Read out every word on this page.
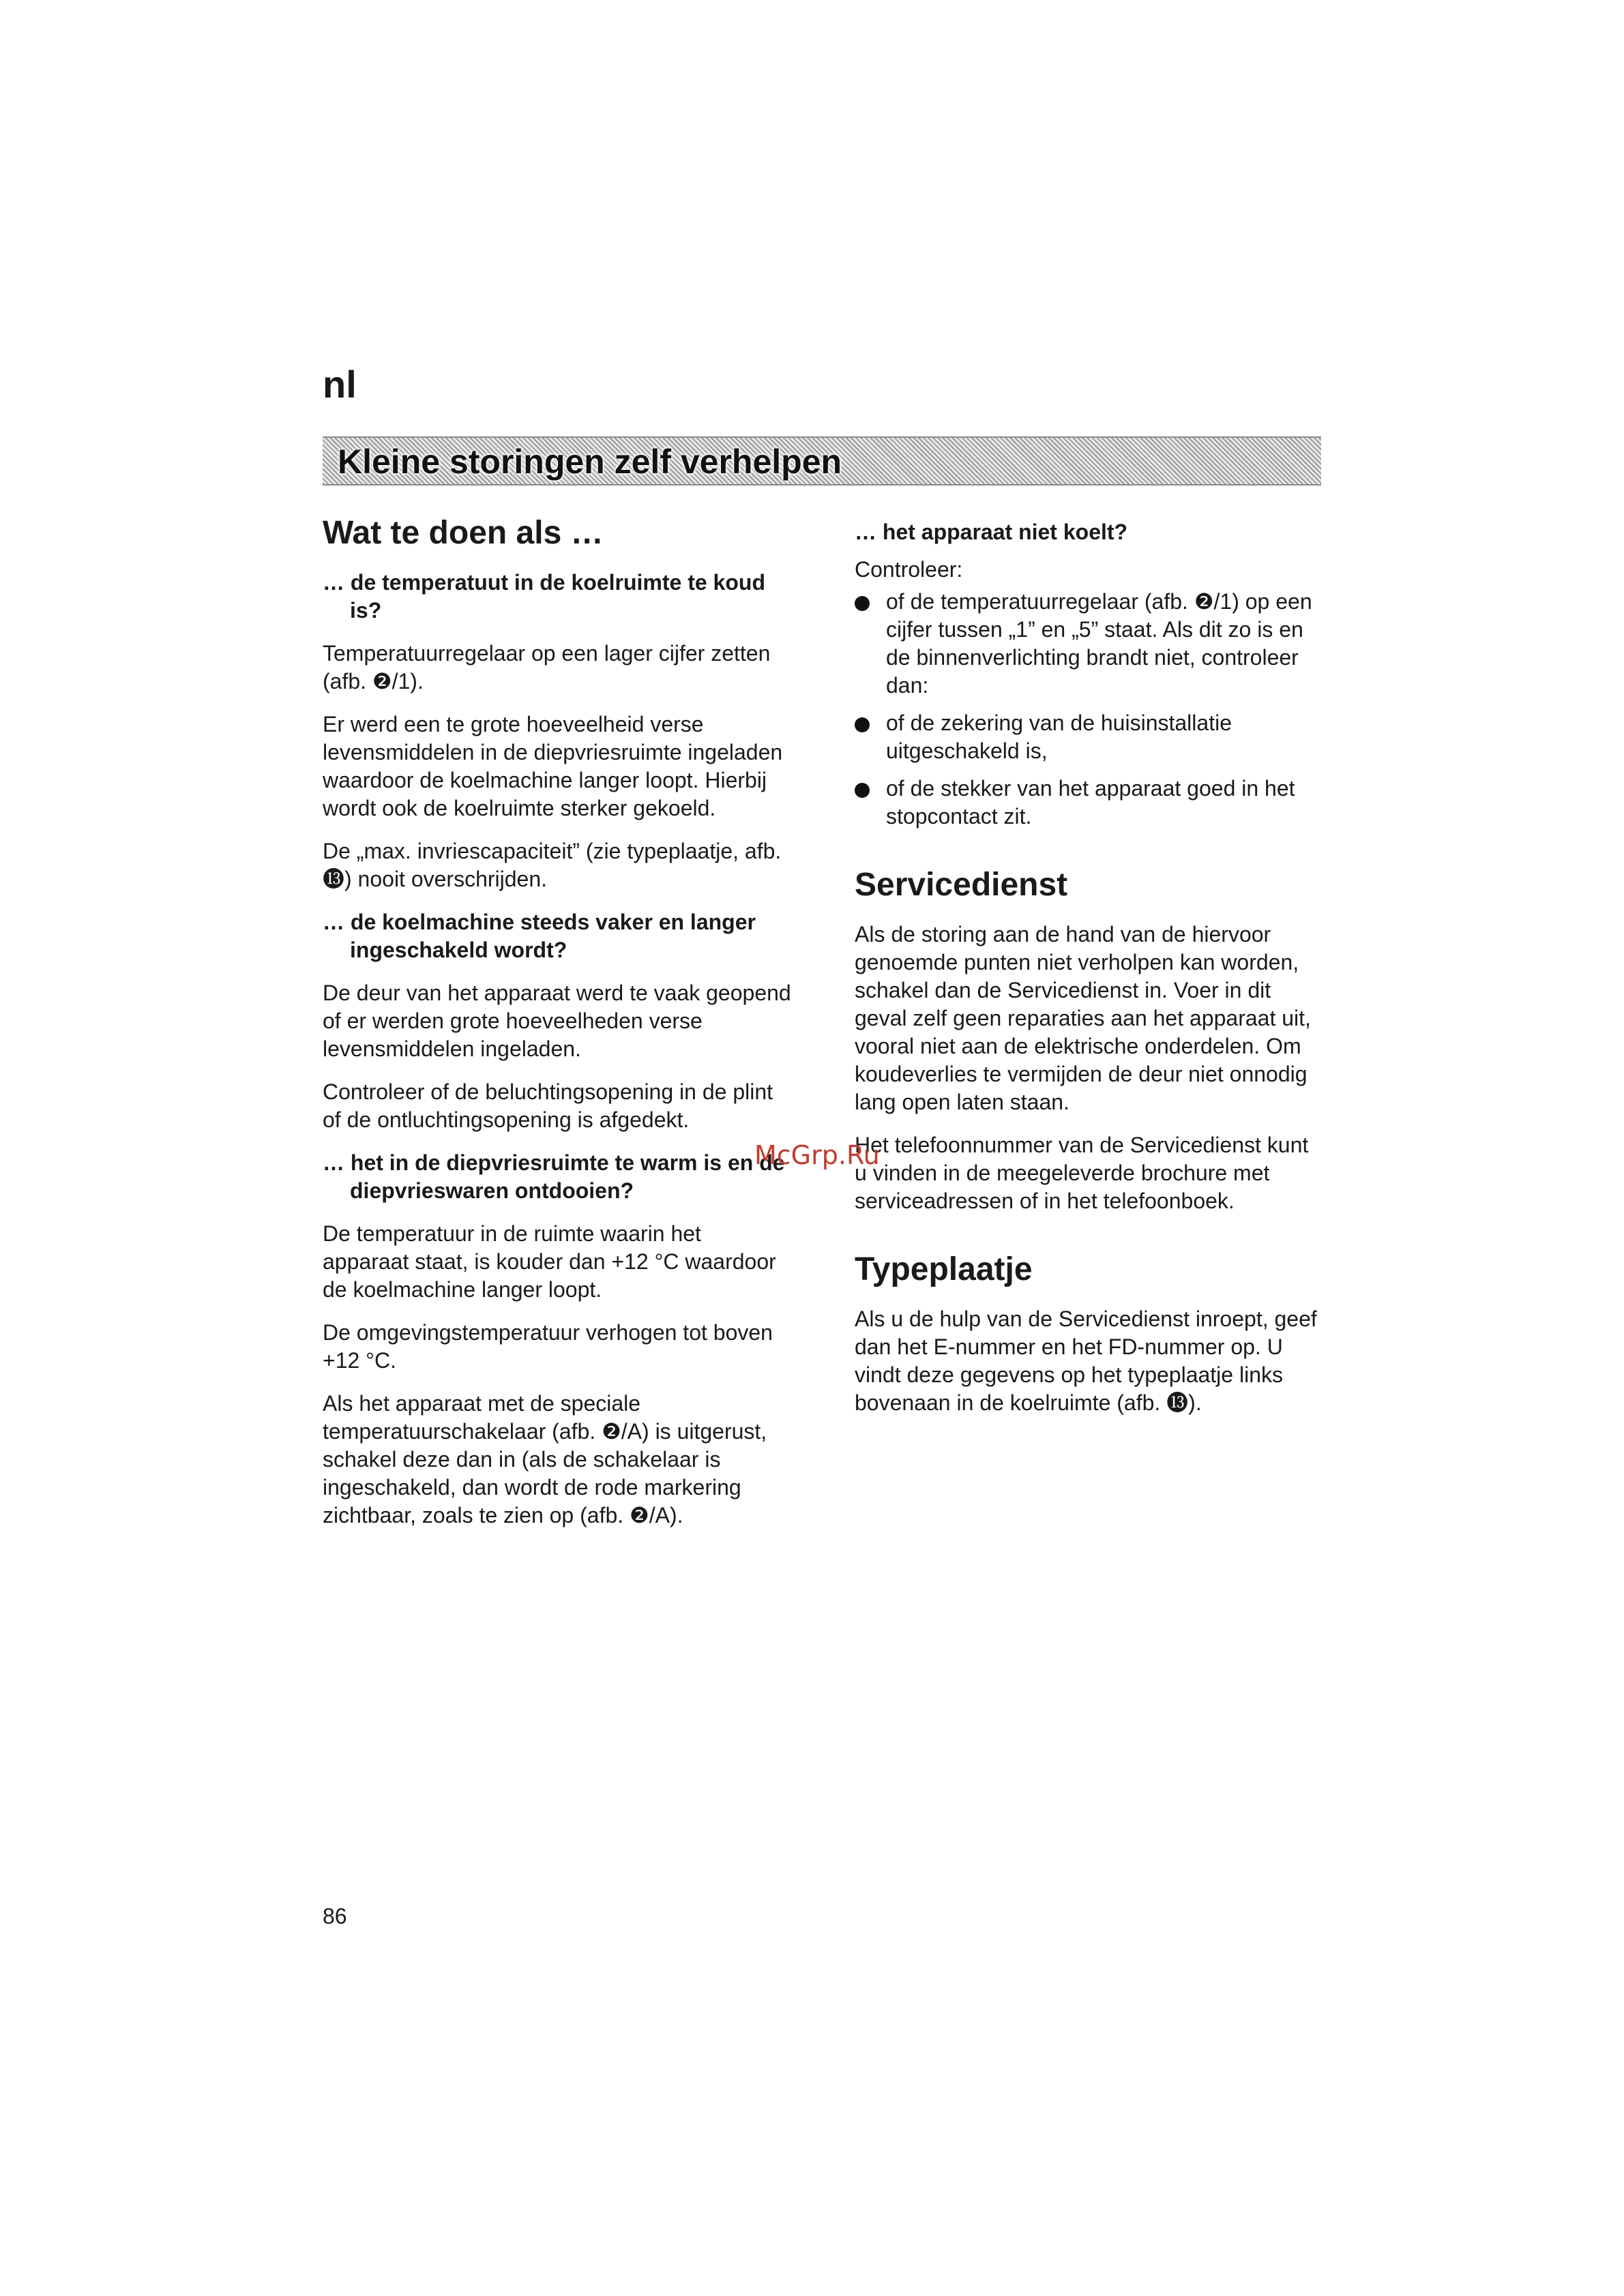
nl

Kleine storingen zelf verhelpen
Wat te doen als …
… de temperatuut in de koelruimte te koud is?

Temperatuurregelaar op een lager cijfer zetten (afb. ❷/1).

Er werd een te grote hoeveelheid verse levensmiddelen in de diepvriesruimte ingeladen waardoor de koelmachine langer loopt. Hierbij wordt ook de koelruimte sterker gekoeld.

De „max. invriescapaciteit” (zie typeplaatje, afb. ⓭) nooit overschrijden.

… de koelmachine steeds vaker en langer ingeschakeld wordt?

De deur van het apparaat werd te vaak geopend of er werden grote hoeveelheden verse levensmiddelen ingeladen.

Controleer of de beluchtingsopening in de plint of de ontluchtingsopening is afgedekt.

… het in de diepvriesruimte te warm is en de diepvrieswaren ontdooien?

De temperatuur in de ruimte waarin het apparaat staat, is kouder dan +12 °C waardoor de koelmachine langer loopt.

De omgevingstemperatuur verhogen tot boven +12 °C.

Als het apparaat met de speciale temperatuurschakelaar (afb. ❷/A) is uitgerust, schakel deze dan in (als de schakelaar is ingeschakeld, dan wordt de rode markering zichtbaar, zoals te zien op (afb. ❷/A).

… het apparaat niet koelt?

Controleer:

of de temperatuurregelaar (afb. ❷/1) op een cijfer tussen „1” en „5” staat. Als dit zo is en de binnenverlichting brandt niet, controleer dan:
of de zekering van de huisinstallatie uitgeschakeld is,
of de stekker van het apparaat goed in het stopcontact zit.
Servicedienst

Als de storing aan de hand van de hiervoor genoemde punten niet verholpen kan worden, schakel dan de Servicedienst in. Voer in dit geval zelf geen reparaties aan het apparaat uit, vooral niet aan de elektrische onderdelen. Om koudeverlies te vermijden de deur niet onnodig lang open laten staan.

Het telefoonnummer van de Servicedienst kunt u vinden in de meegeleverde brochure met serviceadressen of in het telefoonboek.

Typeplaatje

Als u de hulp van de Servicedienst inroept, geef dan het E-nummer en het FD-nummer op. U vindt deze gegevens op het typeplaatje links bovenaan in de koelruimte (afb. ⓭).

McGrp.Ru

86
